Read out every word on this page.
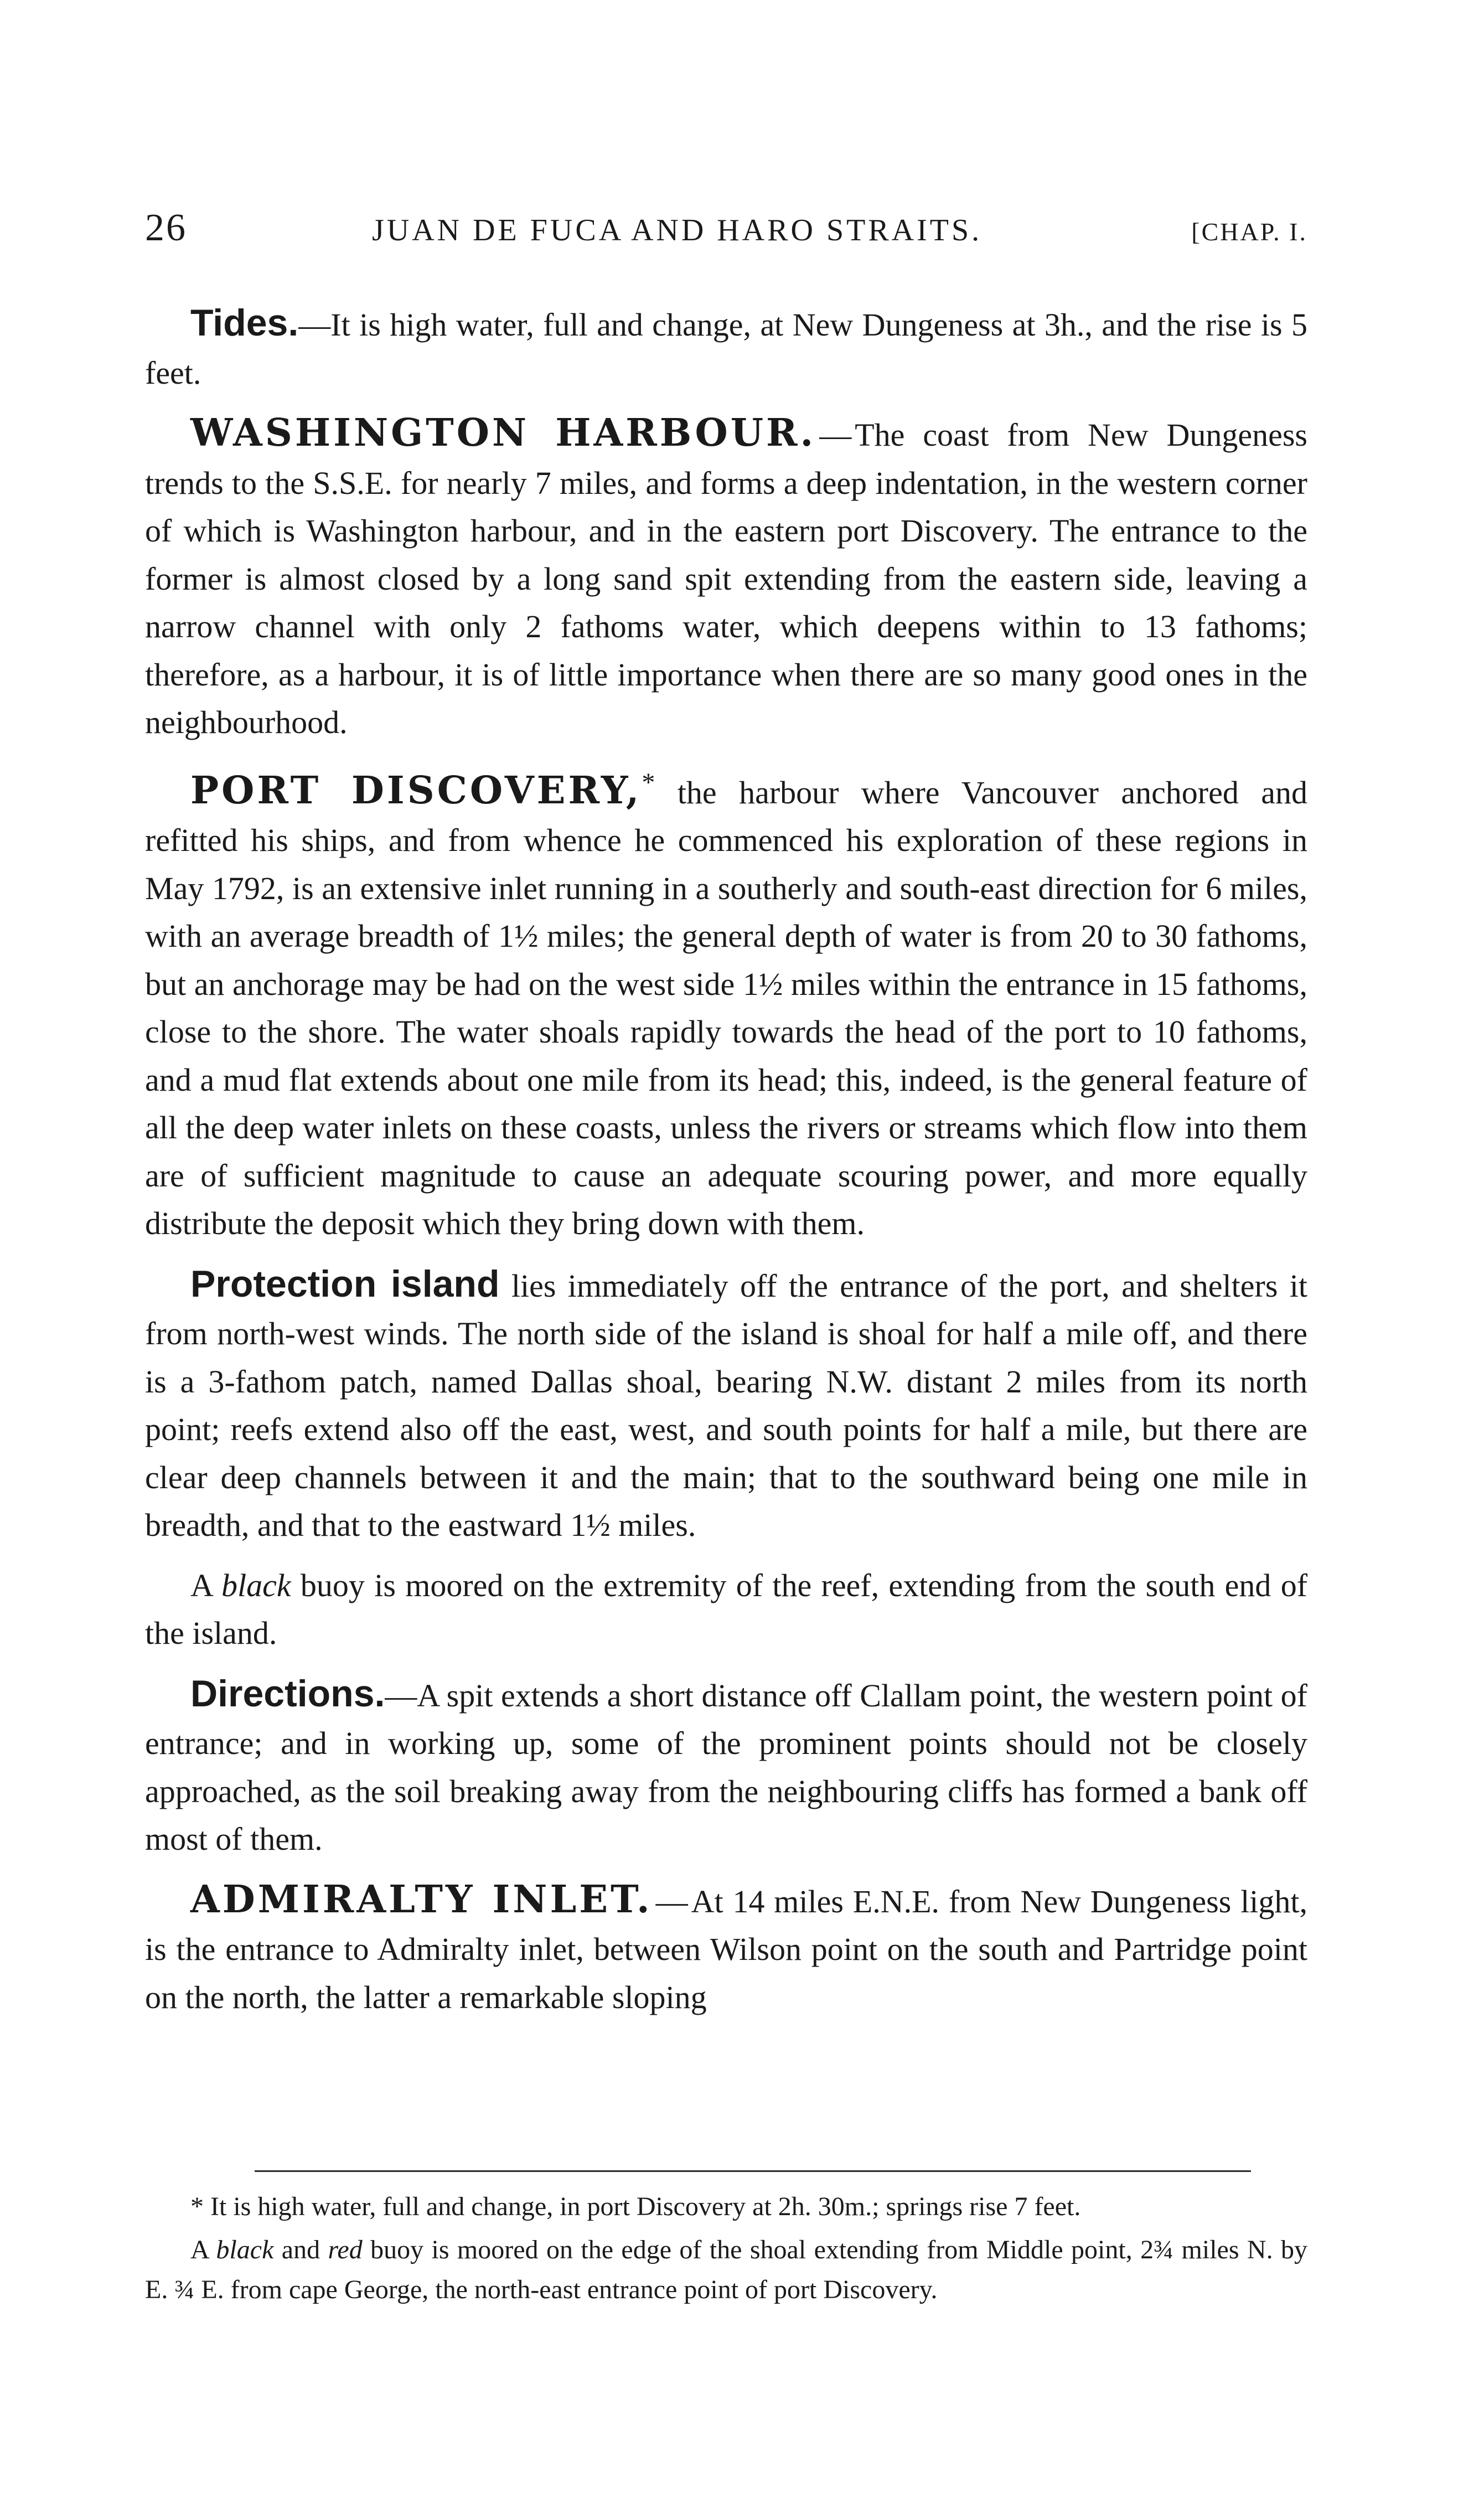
26	JUAN DE FUCA AND HARO STRAITS.	[CHAP. I.

Tides.—It is high water, full and change, at New Dungeness at 3h., and the rise is 5 feet.

WASHINGTON HARBOUR. — The coast from New Dungeness trends to the S.S.E. for nearly 7 miles, and forms a deep indentation, in the western corner of which is Washington harbour, and in the eastern port Discovery. The entrance to the former is almost closed by a long sand spit extending from the eastern side, leaving a narrow channel with only 2 fathoms water, which deepens within to 13 fathoms; therefore, as a harbour, it is of little importance when there are so many good ones in the neighbourhood.

PORT DISCOVERY,* the harbour where Vancouver anchored and refitted his ships, and from whence he commenced his exploration of these regions in May 1792, is an extensive inlet running in a southerly and south-east direction for 6 miles, with an average breadth of 1½ miles; the general depth of water is from 20 to 30 fathoms, but an anchorage may be had on the west side 1½ miles within the entrance in 15 fathoms, close to the shore. The water shoals rapidly towards the head of the port to 10 fathoms, and a mud flat extends about one mile from its head; this, indeed, is the general feature of all the deep water inlets on these coasts, unless the rivers or streams which flow into them are of sufficient magnitude to cause an adequate scouring power, and more equally distribute the deposit which they bring down with them.

Protection island lies immediately off the entrance of the port, and shelters it from north-west winds. The north side of the island is shoal for half a mile off, and there is a 3-fathom patch, named Dallas shoal, bearing N.W. distant 2 miles from its north point; reefs extend also off the east, west, and south points for half a mile, but there are clear deep channels between it and the main; that to the southward being one mile in breadth, and that to the eastward 1½ miles.

A black buoy is moored on the extremity of the reef, extending from the south end of the island.

Directions.—A spit extends a short distance off Clallam point, the western point of entrance; and in working up, some of the prominent points should not be closely approached, as the soil breaking away from the neighbouring cliffs has formed a bank off most of them.

ADMIRALTY INLET. — At 14 miles E.N.E. from New Dungeness light, is the entrance to Admiralty inlet, between Wilson point on the south and Partridge point on the north, the latter a remarkable sloping

* It is high water, full and change, in port Discovery at 2h. 30m.; springs rise 7 feet.

A black and red buoy is moored on the edge of the shoal extending from Middle point, 2¾ miles N. by E. ¾ E. from cape George, the north-east entrance point of port Discovery.
